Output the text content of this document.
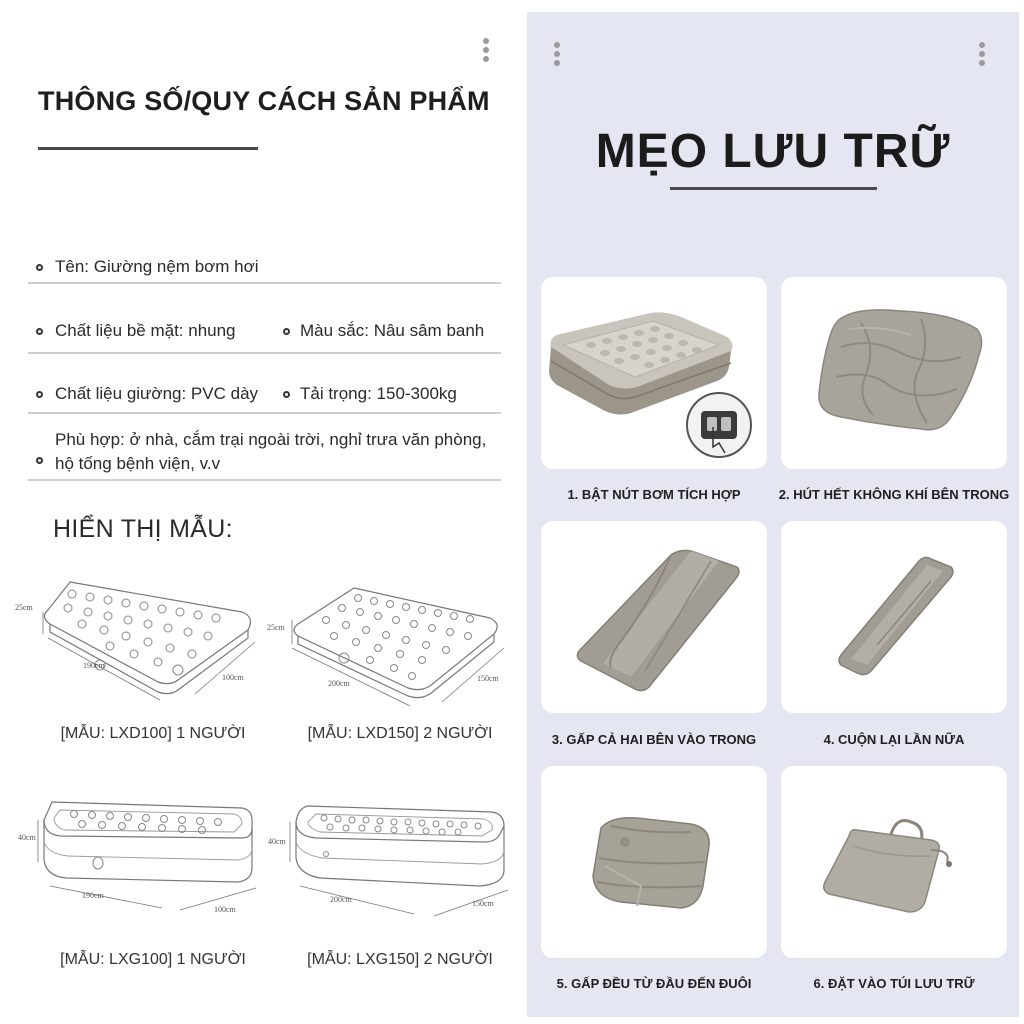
THÔNG SỐ/QUY CÁCH SẢN PHẨM
Tên: Giường nệm bơm hơi
Chất liệu bề mặt: nhung	Màu sắc: Nâu sâm banh
Chất liệu giường: PVC dày Tải trọng: 150-300kg
Phù hợp: ở nhà, cắm trại ngoài trời, nghỉ trưa văn phòng,
hộ tống bệnh viện, v.v
HIỂN THỊ MẪU:
25cm
190cm
100cm
[MẪU: LXD100] 1 NGƯỜI
25cm
200cm
150cm
[MẪU: LXD150] 2 NGƯỜI
40cm
190cm
100cm
[MẪU: LXG100] 1 NGƯỜI
40cm
200cm	150cm
[MẪU: LXG150] 2 NGƯỜI
MẸO LƯU TRỮ
1. BẬT NÚT BƠM TÍCH HỢP	2. HÚT HẾT KHÔNG KHÍ BÊN TRONG
3. GẤP CẢ HAI BÊN VÀO TRONG	4. CUỘN LẠI LẦN NỮA
5. GẤP ĐỀU TỪ ĐẦU ĐẾN ĐUÔI	6. ĐẶT VÀO TÚI LƯU TRỮ
